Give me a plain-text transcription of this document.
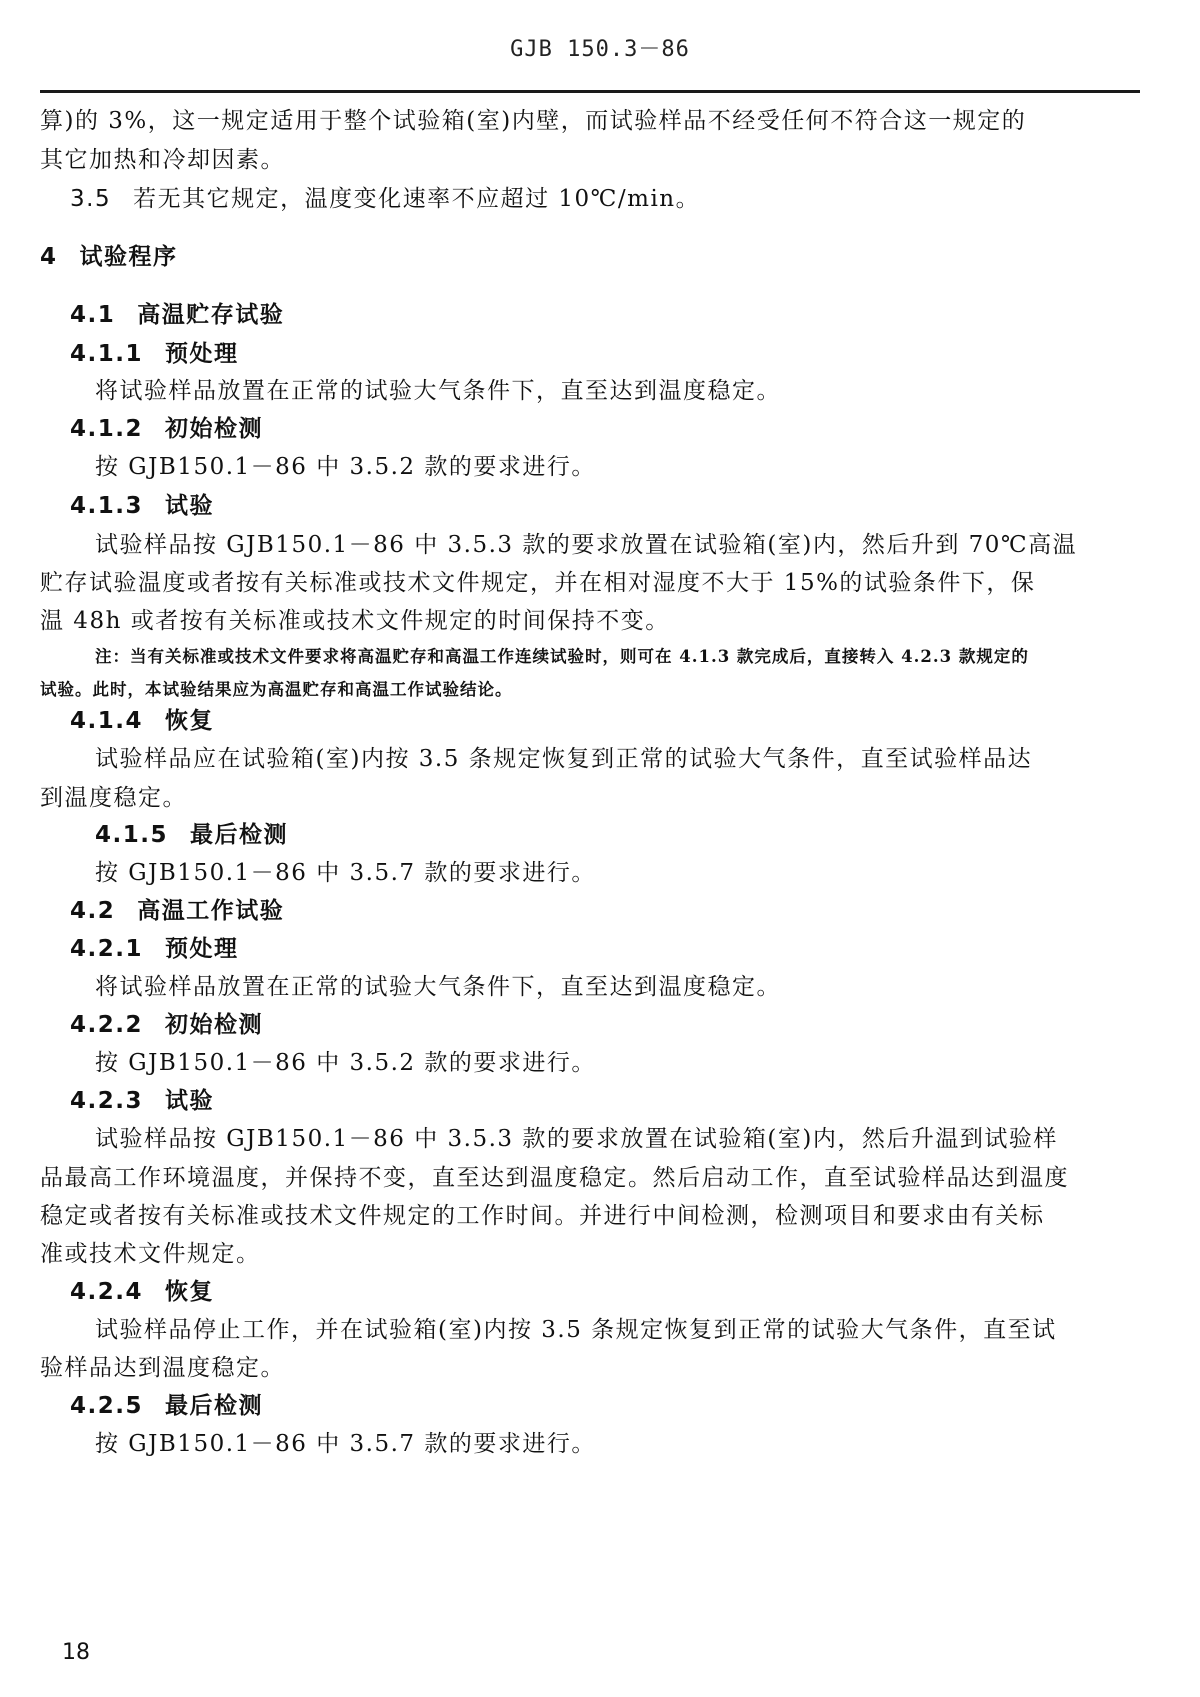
GJB 150.3－86
算)的 3%，这一规定适用于整个试验箱(室)内壁，而试验样品不经受任何不符合这一规定的
其它加热和冷却因素。
3.5 若无其它规定，温度变化速率不应超过 10℃/min。
4 试验程序
4.1 高温贮存试验
4.1.1 预处理
将试验样品放置在正常的试验大气条件下，直至达到温度稳定。
4.1.2 初始检测
按 GJB150.1－86 中 3.5.2 款的要求进行。
4.1.3 试验
试验样品按 GJB150.1－86 中 3.5.3 款的要求放置在试验箱(室)内，然后升到 70℃高温
贮存试验温度或者按有关标准或技术文件规定，并在相对湿度不大于 15%的试验条件下，保
温 48h 或者按有关标准或技术文件规定的时间保持不变。
注：当有关标准或技术文件要求将高温贮存和高温工作连续试验时，则可在 4.1.3 款完成后，直接转入 4.2.3 款规定的
试验。此时，本试验结果应为高温贮存和高温工作试验结论。
4.1.4 恢复
试验样品应在试验箱(室)内按 3.5 条规定恢复到正常的试验大气条件，直至试验样品达
到温度稳定。
4.1.5 最后检测
按 GJB150.1－86 中 3.5.7 款的要求进行。
4.2 高温工作试验
4.2.1 预处理
将试验样品放置在正常的试验大气条件下，直至达到温度稳定。
4.2.2 初始检测
按 GJB150.1－86 中 3.5.2 款的要求进行。
4.2.3 试验
试验样品按 GJB150.1－86 中 3.5.3 款的要求放置在试验箱(室)内，然后升温到试验样
品最高工作环境温度，并保持不变，直至达到温度稳定。然后启动工作，直至试验样品达到温度
稳定或者按有关标准或技术文件规定的工作时间。并进行中间检测，检测项目和要求由有关标
准或技术文件规定。
4.2.4 恢复
试验样品停止工作，并在试验箱(室)内按 3.5 条规定恢复到正常的试验大气条件，直至试
验样品达到温度稳定。
4.2.5 最后检测
按 GJB150.1－86 中 3.5.7 款的要求进行。
18
